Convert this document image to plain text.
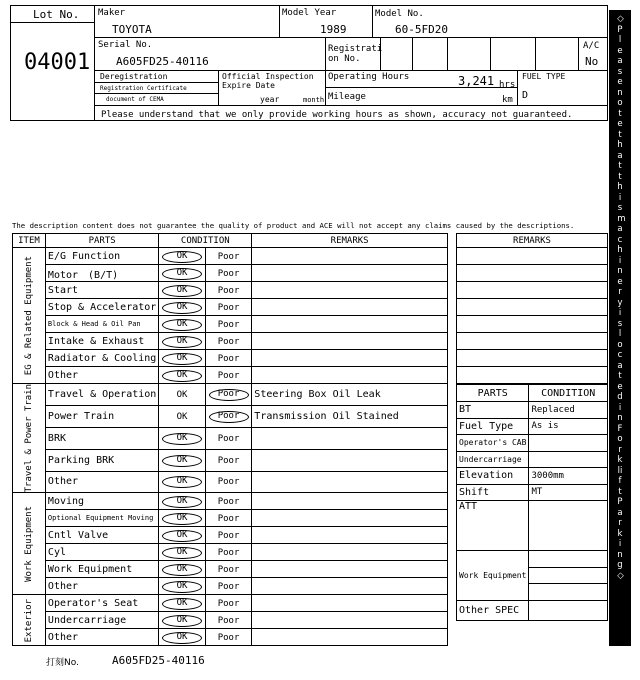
Lot No.
04001
Maker
TOYOTA
Model Year
1989
Model No.
60-5FD20
Serial No.
A605FD25-40116
Registrati
on No.
A/C
No
Deregistration
Registration Certificate
document of CEMA
Official Inspection
Expire Date
year	month
Operating Hours	3,241 hrs
Mileage	km
FUEL TYPE
D
Please understand that we only provide working hours as shown, accuracy not guaranteed.
The description content does not guarantee the quality of product and ACE will not accept any claims caused by the descriptions.
ITEM	PARTS	CONDITION		REMARKS

EG & Related Equipment	E/G Function	OK	Poor	
	Motor　(B/T)	OK	Poor	
	Start	OK	Poor	
	Stop & Accelerator	OK	Poor	
	Block & Head & Oil Pan	OK	Poor	
	Intake & Exhaust	OK	Poor	
	Radiator & Cooling	OK	Poor	
	Other	OK	Poor	

Travel & Power Train	Travel & Operation	OK	Poor	Steering Box Oil Leak
	Power Train	OK	Poor	Transmission Oil Stained
	BRK	OK	Poor	
	Parking BRK	OK	Poor	
	Other	OK	Poor	

Work Equipment	Moving	OK	Poor	
	Optional Equipment Moving	OK	Poor	
	Cntl Valve	OK	Poor	
	Cyl	OK	Poor	
	Work Equipment	OK	Poor	
	Other	OK	Poor	

Exterior	Operator's Seat	OK	Poor	
	Undercarriage	OK	Poor	
	Other	OK	Poor	
REMARKS

PARTS	CONDITION
BT	Replaced
Fuel Type	As is
Operator's CAB	
Undercarriage	
Elevation	3000mm
Shift	MT
ATT	
Work Equipment	

Other SPEC	
打刻No.	A605FD25-40116
◇Please note that this machinery is located in Forklift Parking◇
